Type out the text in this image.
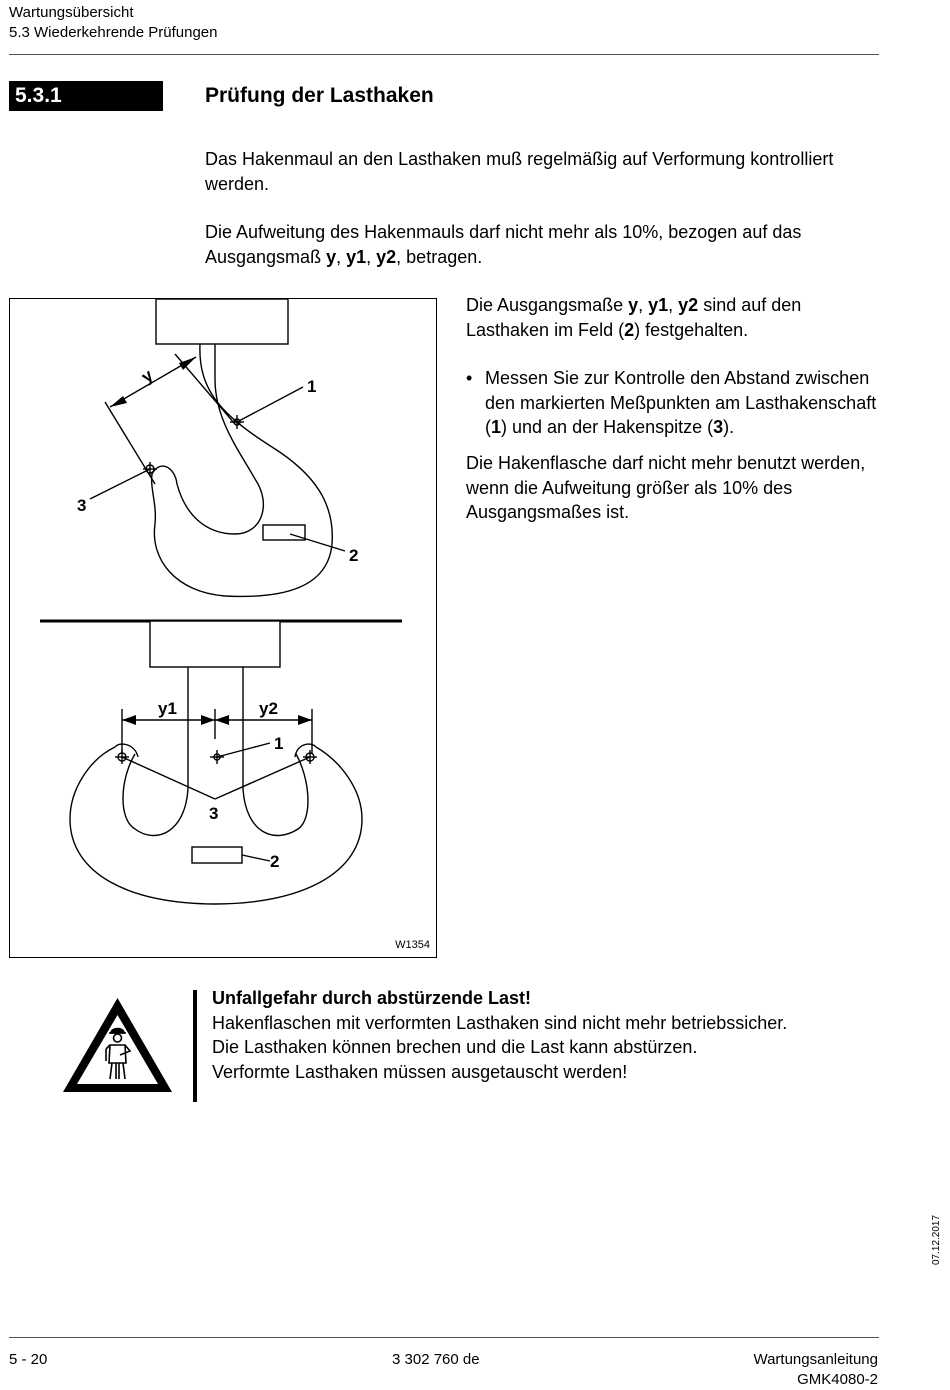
Wartungsübersicht
5.3 Wiederkehrende Prüfungen
5.3.1	Prüfung der Lasthaken
Das Hakenmaul an den Lasthaken muß regelmäßig auf Verformung kontrolliert werden.
Die Aufweitung des Hakenmauls darf nicht mehr als 10%, bezogen auf das Ausgangsmaß y, y1, y2, betragen.
y	1
3
2
y1	y2
1
3
2
W1354
Die Ausgangsmaße y, y1, y2 sind auf den Lasthaken im Feld (2) festgehalten.
• Messen Sie zur Kontrolle den Abstand zwischen den markierten Meßpunkten am Lasthakenschaft (1) und an der Hakenspitze (3).
Die Hakenflasche darf nicht mehr benutzt werden, wenn die Aufweitung größer als 10% des Ausgangsmaßes ist.
Unfallgefahr durch abstürzende Last!
Hakenflaschen mit verformten Lasthaken sind nicht mehr betriebssicher.
Die Lasthaken können brechen und die Last kann abstürzen.
Verformte Lasthaken müssen ausgetauscht werden!
07.12.2017
5 - 20	3 302 760 de	Wartungsanleitung
GMK4080-2
